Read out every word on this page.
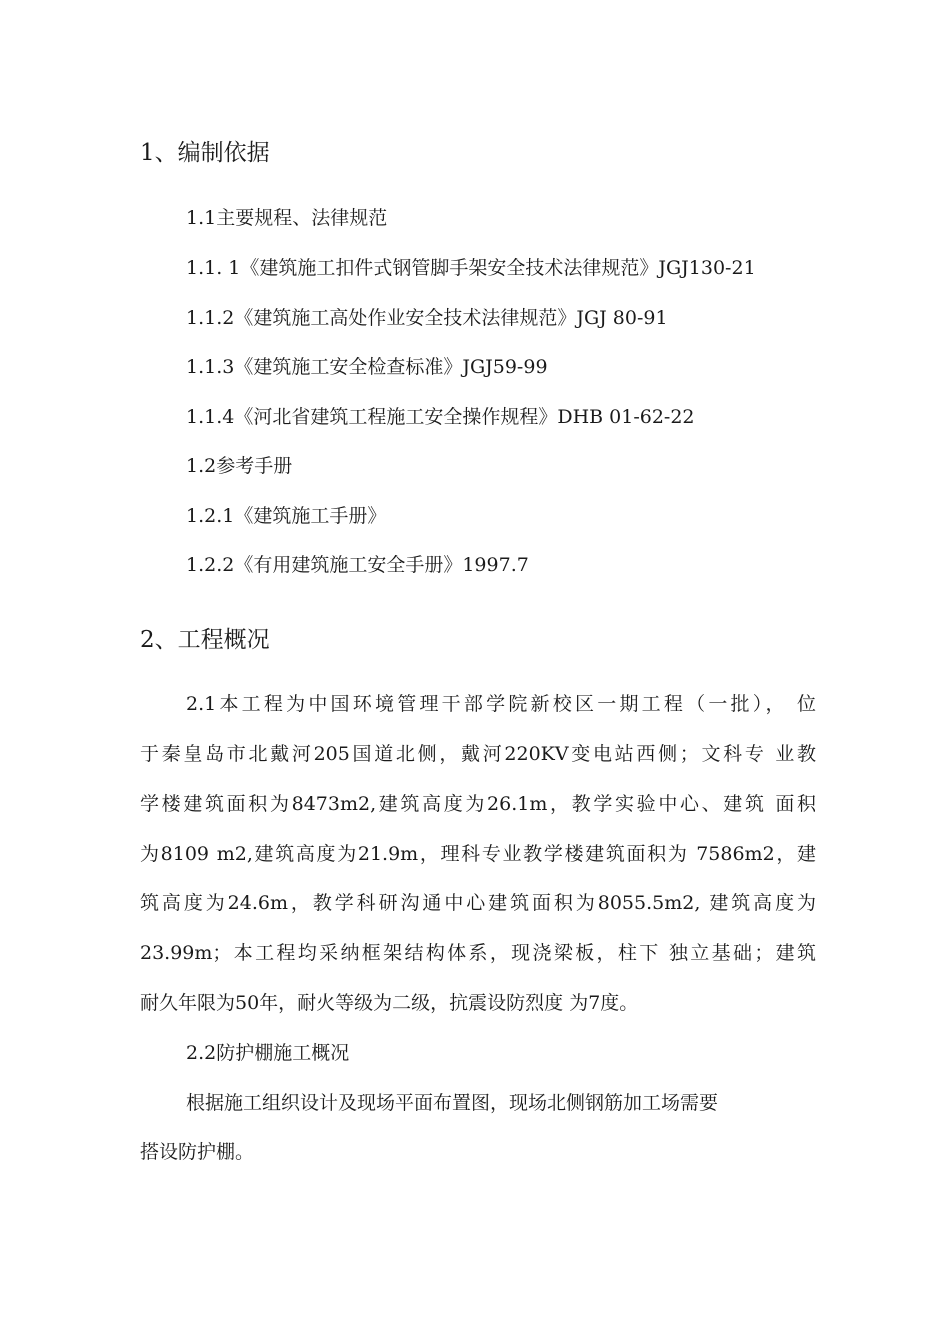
1、编制依据
1.1主要规程、法律规范
1.1. 1《建筑施工扣件式钢管脚手架安全技术法律规范》JGJ130-21
1.1.2《建筑施工高处作业安全技术法律规范》JGJ 80-91
1.1.3《建筑施工安全检查标准》JGJ59-99
1.1.4《河北省建筑工程施工安全操作规程》DHB 01-62-22
1.2参考手册
1.2.1《建筑施工手册》
1.2.2《有用建筑施工安全手册》1997.7
2、工程概况
2.1本工程为中国环境管理干部学院新校区一期工程（一批）， 位
于秦皇岛市北戴河205国道北侧，戴河220KV变电站西侧；文科专 业教
学楼建筑面积为8473m2,建筑高度为26.1m，教学实验中心、建筑 面积
为8109 m2,建筑高度为21.9m，理科专业教学楼建筑面积为 7586m2，建
筑高度为24.6m，教学科研沟通中心建筑面积为8055.5m2, 建筑高度为
23.99m；本工程均采纳框架结构体系，现浇梁板，柱下 独立基础；建筑
耐久年限为50年，耐火等级为二级，抗震设防烈度 为7度。
2.2防护棚施工概况
根据施工组织设计及现场平面布置图，现场北侧钢筋加工场需要
搭设防护棚。
